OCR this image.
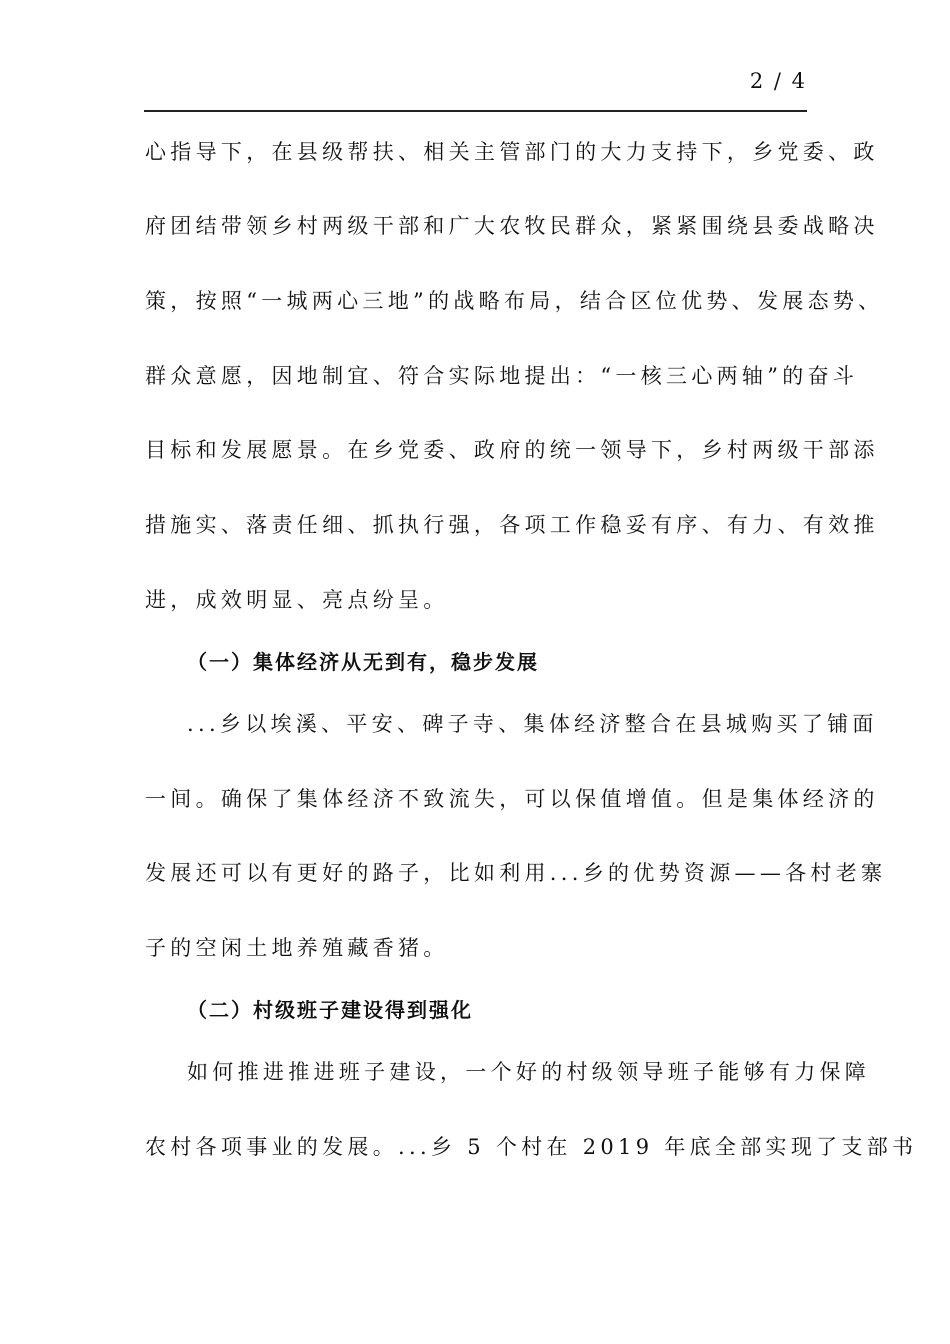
2 / 4
心指导下，在县级帮扶、相关主管部门的大力支持下，乡党委、政
府团结带领乡村两级干部和广大农牧民群众，紧紧围绕县委战略决
策，按照“一城两心三地”的战略布局，结合区位优势、发展态势、
群众意愿，因地制宜、符合实际地提出：“一核三心两轴”的奋斗
目标和发展愿景。在乡党委、政府的统一领导下，乡村两级干部添
措施实、落责任细、抓执行强，各项工作稳妥有序、有力、有效推
进，成效明显、亮点纷呈。
（一）集体经济从无到有，稳步发展
...乡以埃溪、平安、碑子寺、集体经济整合在县城购买了铺面
一间。确保了集体经济不致流失，可以保值增值。但是集体经济的
发展还可以有更好的路子，比如利用...乡的优势资源——各村老寨
子的空闲土地养殖藏香猪。
（二）村级班子建设得到强化
如何推进推进班子建设，一个好的村级领导班子能够有力保障
农村各项事业的发展。...乡 5 个村在 2019 年底全部实现了支部书
